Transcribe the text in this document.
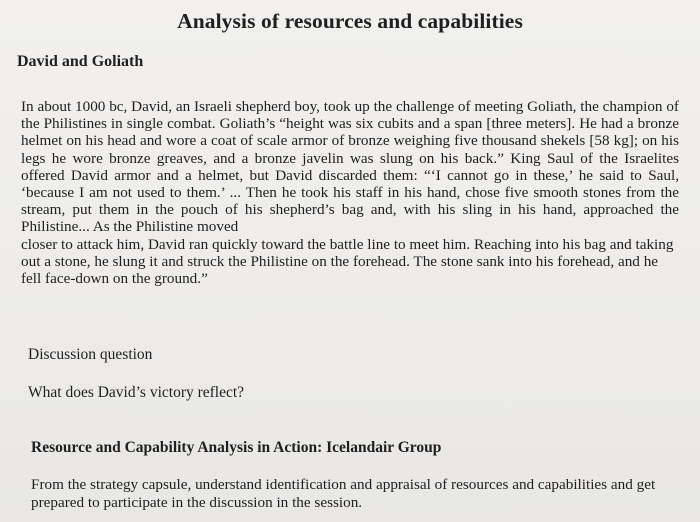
Analysis of resources and capabilities
David and Goliath

In about 1000 bc, David, an Israeli shepherd boy, took up the challenge of meeting Goliath, the champion of the Philistines in single combat. Goliath’s “height was six cubits and a span [three meters]. He had a bronze helmet on his head and wore a coat of scale armor of bronze weighing five thousand shekels [58 kg]; on his legs he wore bronze greaves, and a bronze javelin was slung on his back.” King Saul of the Israelites offered David armor and a helmet, but David discarded them: “‘I cannot go in these,’ he said to Saul, ‘because I am not used to them.’ ... Then he took his staff in his hand, chose five smooth stones from the stream, put them in the pouch of his shepherd’s bag and, with his sling in his hand, approached the Philistine... As the Philistine moved

closer to attack him, David ran quickly toward the battle line to meet him. Reaching into his bag and taking out a stone, he slung it and struck the Philistine on the forehead. The stone sank into his forehead, and he fell face-down on the ground.”

Discussion question
What does David’s victory reflect?
Resource and Capability Analysis in Action: Icelandair Group
From the strategy capsule, understand identification and appraisal of resources and capabilities and get prepared to participate in the discussion in the session.
